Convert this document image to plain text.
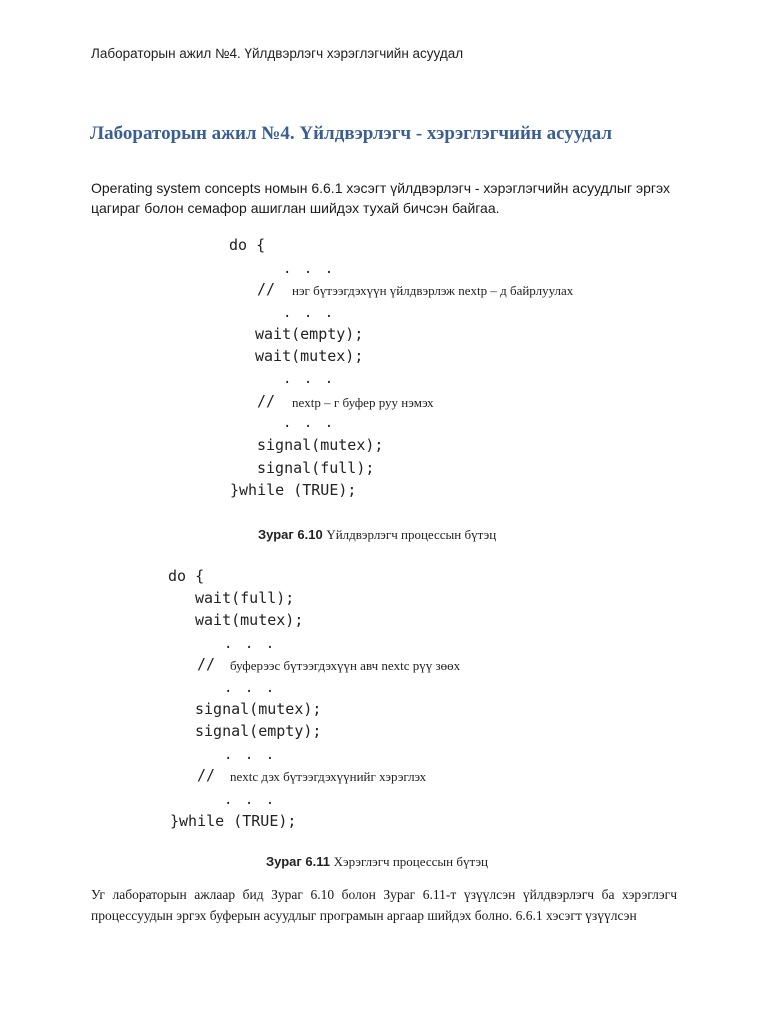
Лабораторын ажил №4. Үйлдвэрлэгч хэрэглэгчийн асуудал
Лабораторын ажил №4. Үйлдвэрлэгч - хэрэглэгчийн асуудал

Operating system concepts номын 6.6.1 хэсэгт үйлдвэрлэгч - хэрэглэгчийн асуудлыг эргэх цагираг болон семафор ашиглан шийдэх тухай бичсэн байгаа.

do {
. . .
// нэг бүтээгдэхүүн үйлдвэрлэж nextp – д байрлуулах
. . .
wait(empty);
wait(mutex);
. . .
// nextp – г буфер руу нэмэх
. . .
signal(mutex);
signal(full);
}while (TRUE);
Зураг 6.10 Үйлдвэрлэгч процессын бүтэц
do {
wait(full);
wait(mutex);
. . .
// буферээс бүтээгдэхүүн авч nextc рүү зөөх
. . .
signal(mutex);
signal(empty);
. . .
// nextc дэх бүтээгдэхүүнийг хэрэглэх
. . .
}while (TRUE);
Зураг 6.11 Хэрэглэгч процессын бүтэц

Уг лабораторын ажлаар бид Зураг 6.10 болон Зураг 6.11-т үзүүлсэн үйлдвэрлэгч ба хэрэглэгч процессуудын эргэх буферын асуудлыг програмын аргаар шийдэх болно. 6.6.1 хэсэгт үзүүлсэн
